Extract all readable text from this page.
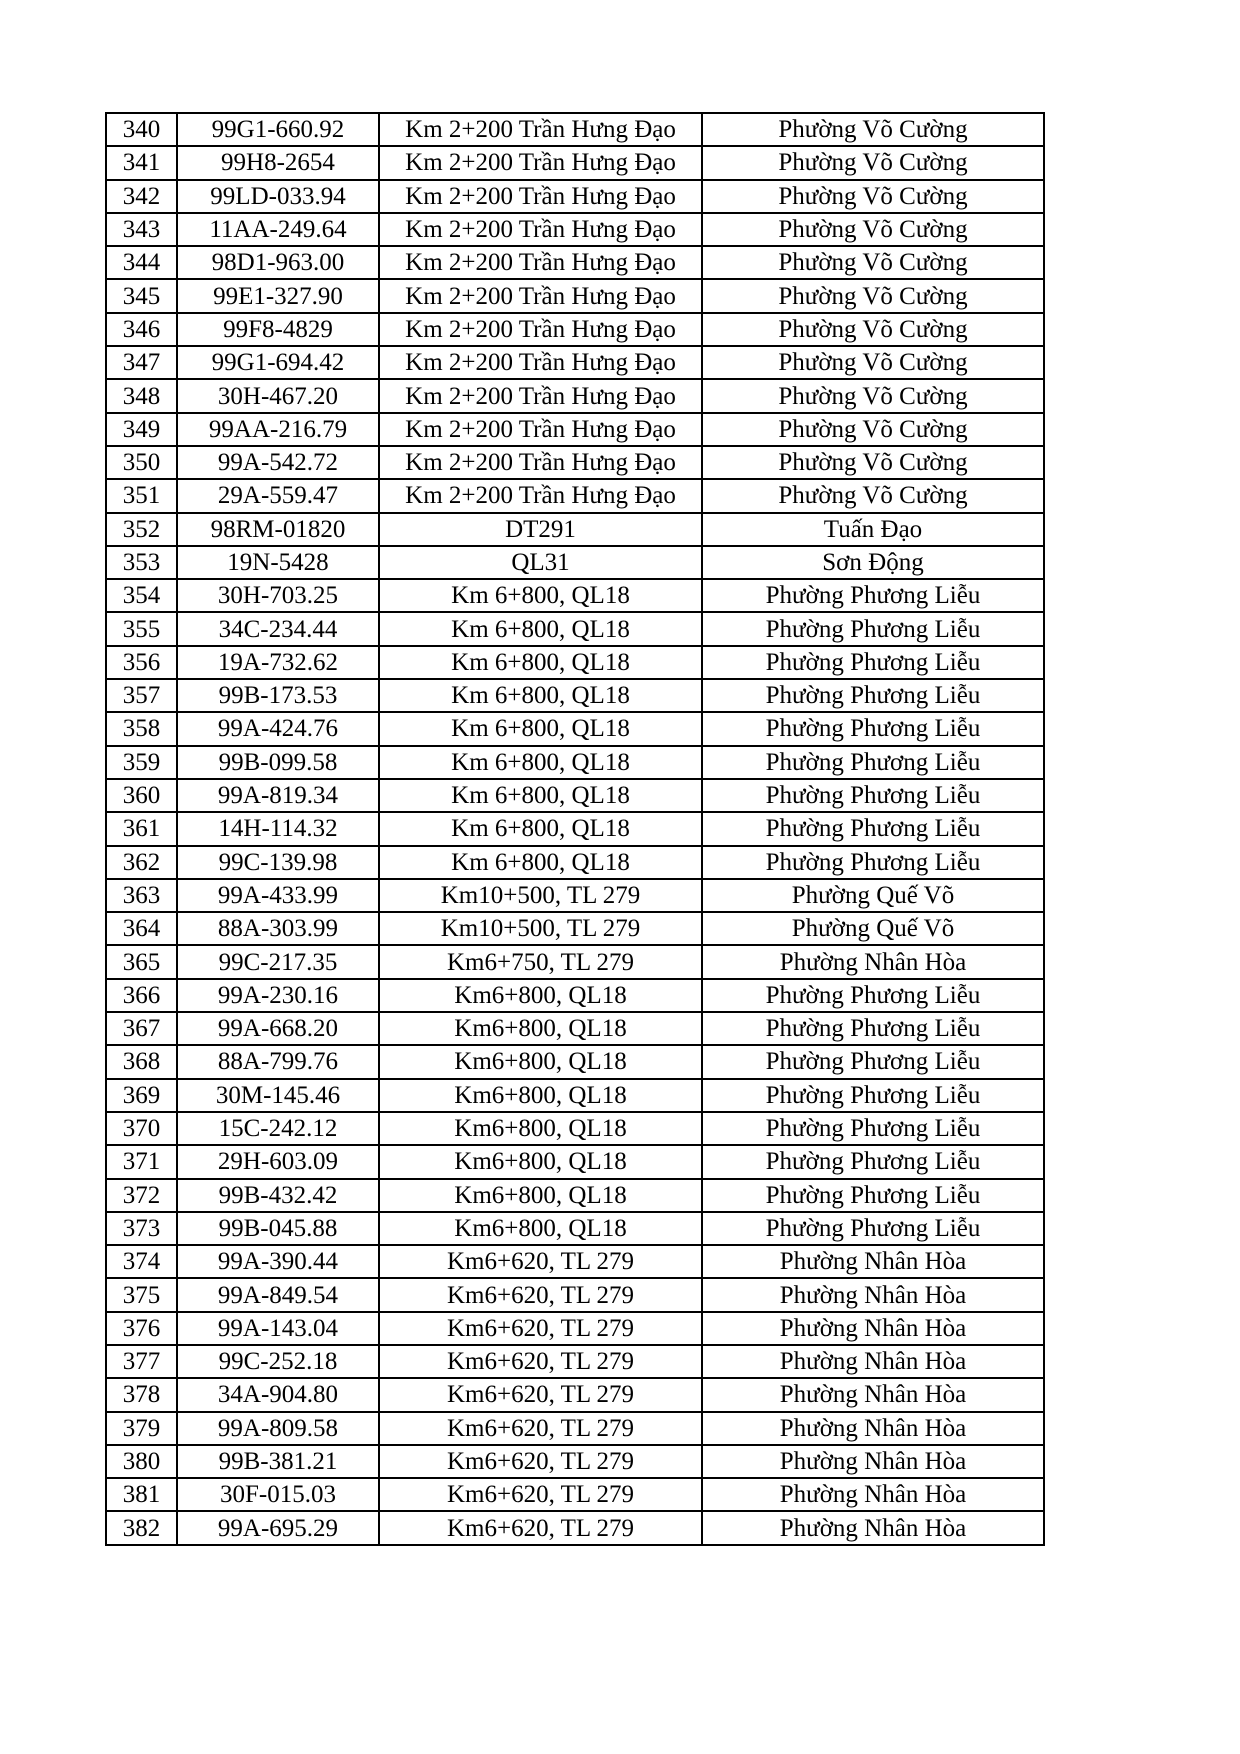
340	99G1-660.92	Km 2+200 Trần Hưng Đạo	Phường Võ Cường
341	99H8-2654	Km 2+200 Trần Hưng Đạo	Phường Võ Cường
342	99LD-033.94	Km 2+200 Trần Hưng Đạo	Phường Võ Cường
343	11AA-249.64	Km 2+200 Trần Hưng Đạo	Phường Võ Cường
344	98D1-963.00	Km 2+200 Trần Hưng Đạo	Phường Võ Cường
345	99E1-327.90	Km 2+200 Trần Hưng Đạo	Phường Võ Cường
346	99F8-4829	Km 2+200 Trần Hưng Đạo	Phường Võ Cường
347	99G1-694.42	Km 2+200 Trần Hưng Đạo	Phường Võ Cường
348	30H-467.20	Km 2+200 Trần Hưng Đạo	Phường Võ Cường
349	99AA-216.79	Km 2+200 Trần Hưng Đạo	Phường Võ Cường
350	99A-542.72	Km 2+200 Trần Hưng Đạo	Phường Võ Cường
351	29A-559.47	Km 2+200 Trần Hưng Đạo	Phường Võ Cường
352	98RM-01820	DT291	Tuấn Đạo
353	19N-5428	QL31	Sơn Động
354	30H-703.25	Km 6+800, QL18	Phường Phương Liễu
355	34C-234.44	Km 6+800, QL18	Phường Phương Liễu
356	19A-732.62	Km 6+800, QL18	Phường Phương Liễu
357	99B-173.53	Km 6+800, QL18	Phường Phương Liễu
358	99A-424.76	Km 6+800, QL18	Phường Phương Liễu
359	99B-099.58	Km 6+800, QL18	Phường Phương Liễu
360	99A-819.34	Km 6+800, QL18	Phường Phương Liễu
361	14H-114.32	Km 6+800, QL18	Phường Phương Liễu
362	99C-139.98	Km 6+800, QL18	Phường Phương Liễu
363	99A-433.99	Km10+500, TL 279	Phường Quế Võ
364	88A-303.99	Km10+500, TL 279	Phường Quế Võ
365	99C-217.35	Km6+750, TL 279	Phường Nhân Hòa
366	99A-230.16	Km6+800, QL18	Phường Phương Liễu
367	99A-668.20	Km6+800, QL18	Phường Phương Liễu
368	88A-799.76	Km6+800, QL18	Phường Phương Liễu
369	30M-145.46	Km6+800, QL18	Phường Phương Liễu
370	15C-242.12	Km6+800, QL18	Phường Phương Liễu
371	29H-603.09	Km6+800, QL18	Phường Phương Liễu
372	99B-432.42	Km6+800, QL18	Phường Phương Liễu
373	99B-045.88	Km6+800, QL18	Phường Phương Liễu
374	99A-390.44	Km6+620, TL 279	Phường Nhân Hòa
375	99A-849.54	Km6+620, TL 279	Phường Nhân Hòa
376	99A-143.04	Km6+620, TL 279	Phường Nhân Hòa
377	99C-252.18	Km6+620, TL 279	Phường Nhân Hòa
378	34A-904.80	Km6+620, TL 279	Phường Nhân Hòa
379	99A-809.58	Km6+620, TL 279	Phường Nhân Hòa
380	99B-381.21	Km6+620, TL 279	Phường Nhân Hòa
381	30F-015.03	Km6+620, TL 279	Phường Nhân Hòa
382	99A-695.29	Km6+620, TL 279	Phường Nhân Hòa
